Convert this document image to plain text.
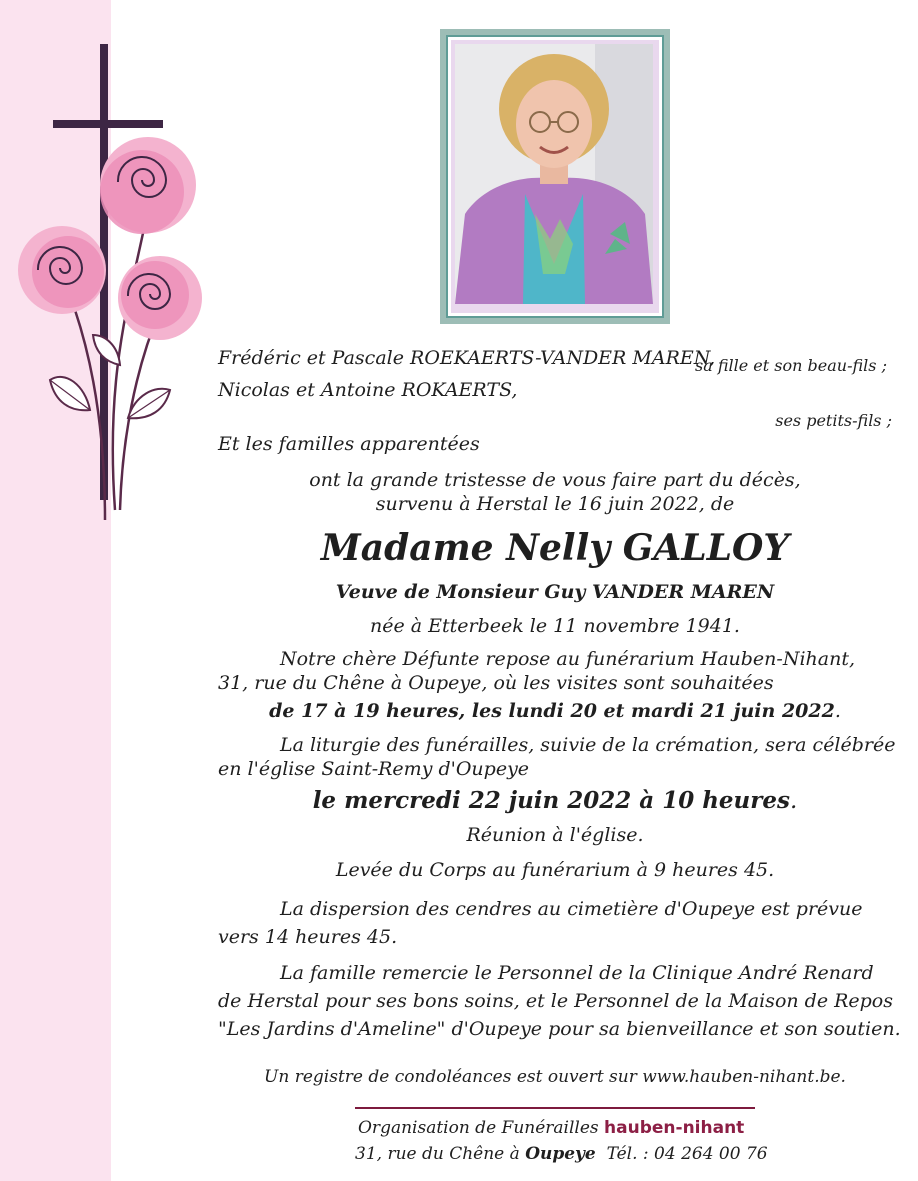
Frédéric et Pascale ROEKAERTS-VANDER MAREN,

sa fille et son beau-fils ;

Nicolas et Antoine ROKAERTS,

ses petits-fils ;

Et les familles apparentées

ont la grande tristesse de vous faire part du décès,

survenu à Herstal le 16 juin 2022, de

Madame Nelly GALLOY

Veuve de Monsieur Guy VANDER MAREN

née à Etterbeek le 11 novembre 1941.

Notre chère Défunte repose au funérarium Hauben-Nihant,

31, rue du Chêne à Oupeye, où les visites sont souhaitées

de 17 à 19 heures, les lundi 20 et mardi 21 juin 2022.

La liturgie des funérailles, suivie de la crémation, sera célébrée

en l'église Saint-Remy d'Oupeye

le mercredi 22 juin 2022 à 10 heures.

Réunion à l'église.

Levée du Corps au funérarium à 9 heures 45.

La dispersion des cendres au cimetière d'Oupeye est prévue

vers 14 heures 45.

La famille remercie le Personnel de la Clinique André Renard

de Herstal pour ses bons soins, et le Personnel de la Maison de Repos

"Les Jardins d'Ameline" d'Oupeye pour sa bienveillance et son soutien.

Un registre de condoléances est ouvert sur www.hauben-nihant.be.

Organisation de Funérailles hauben-nihant

31, rue du Chêne à Oupeye Tél. : 04 264 00 76
